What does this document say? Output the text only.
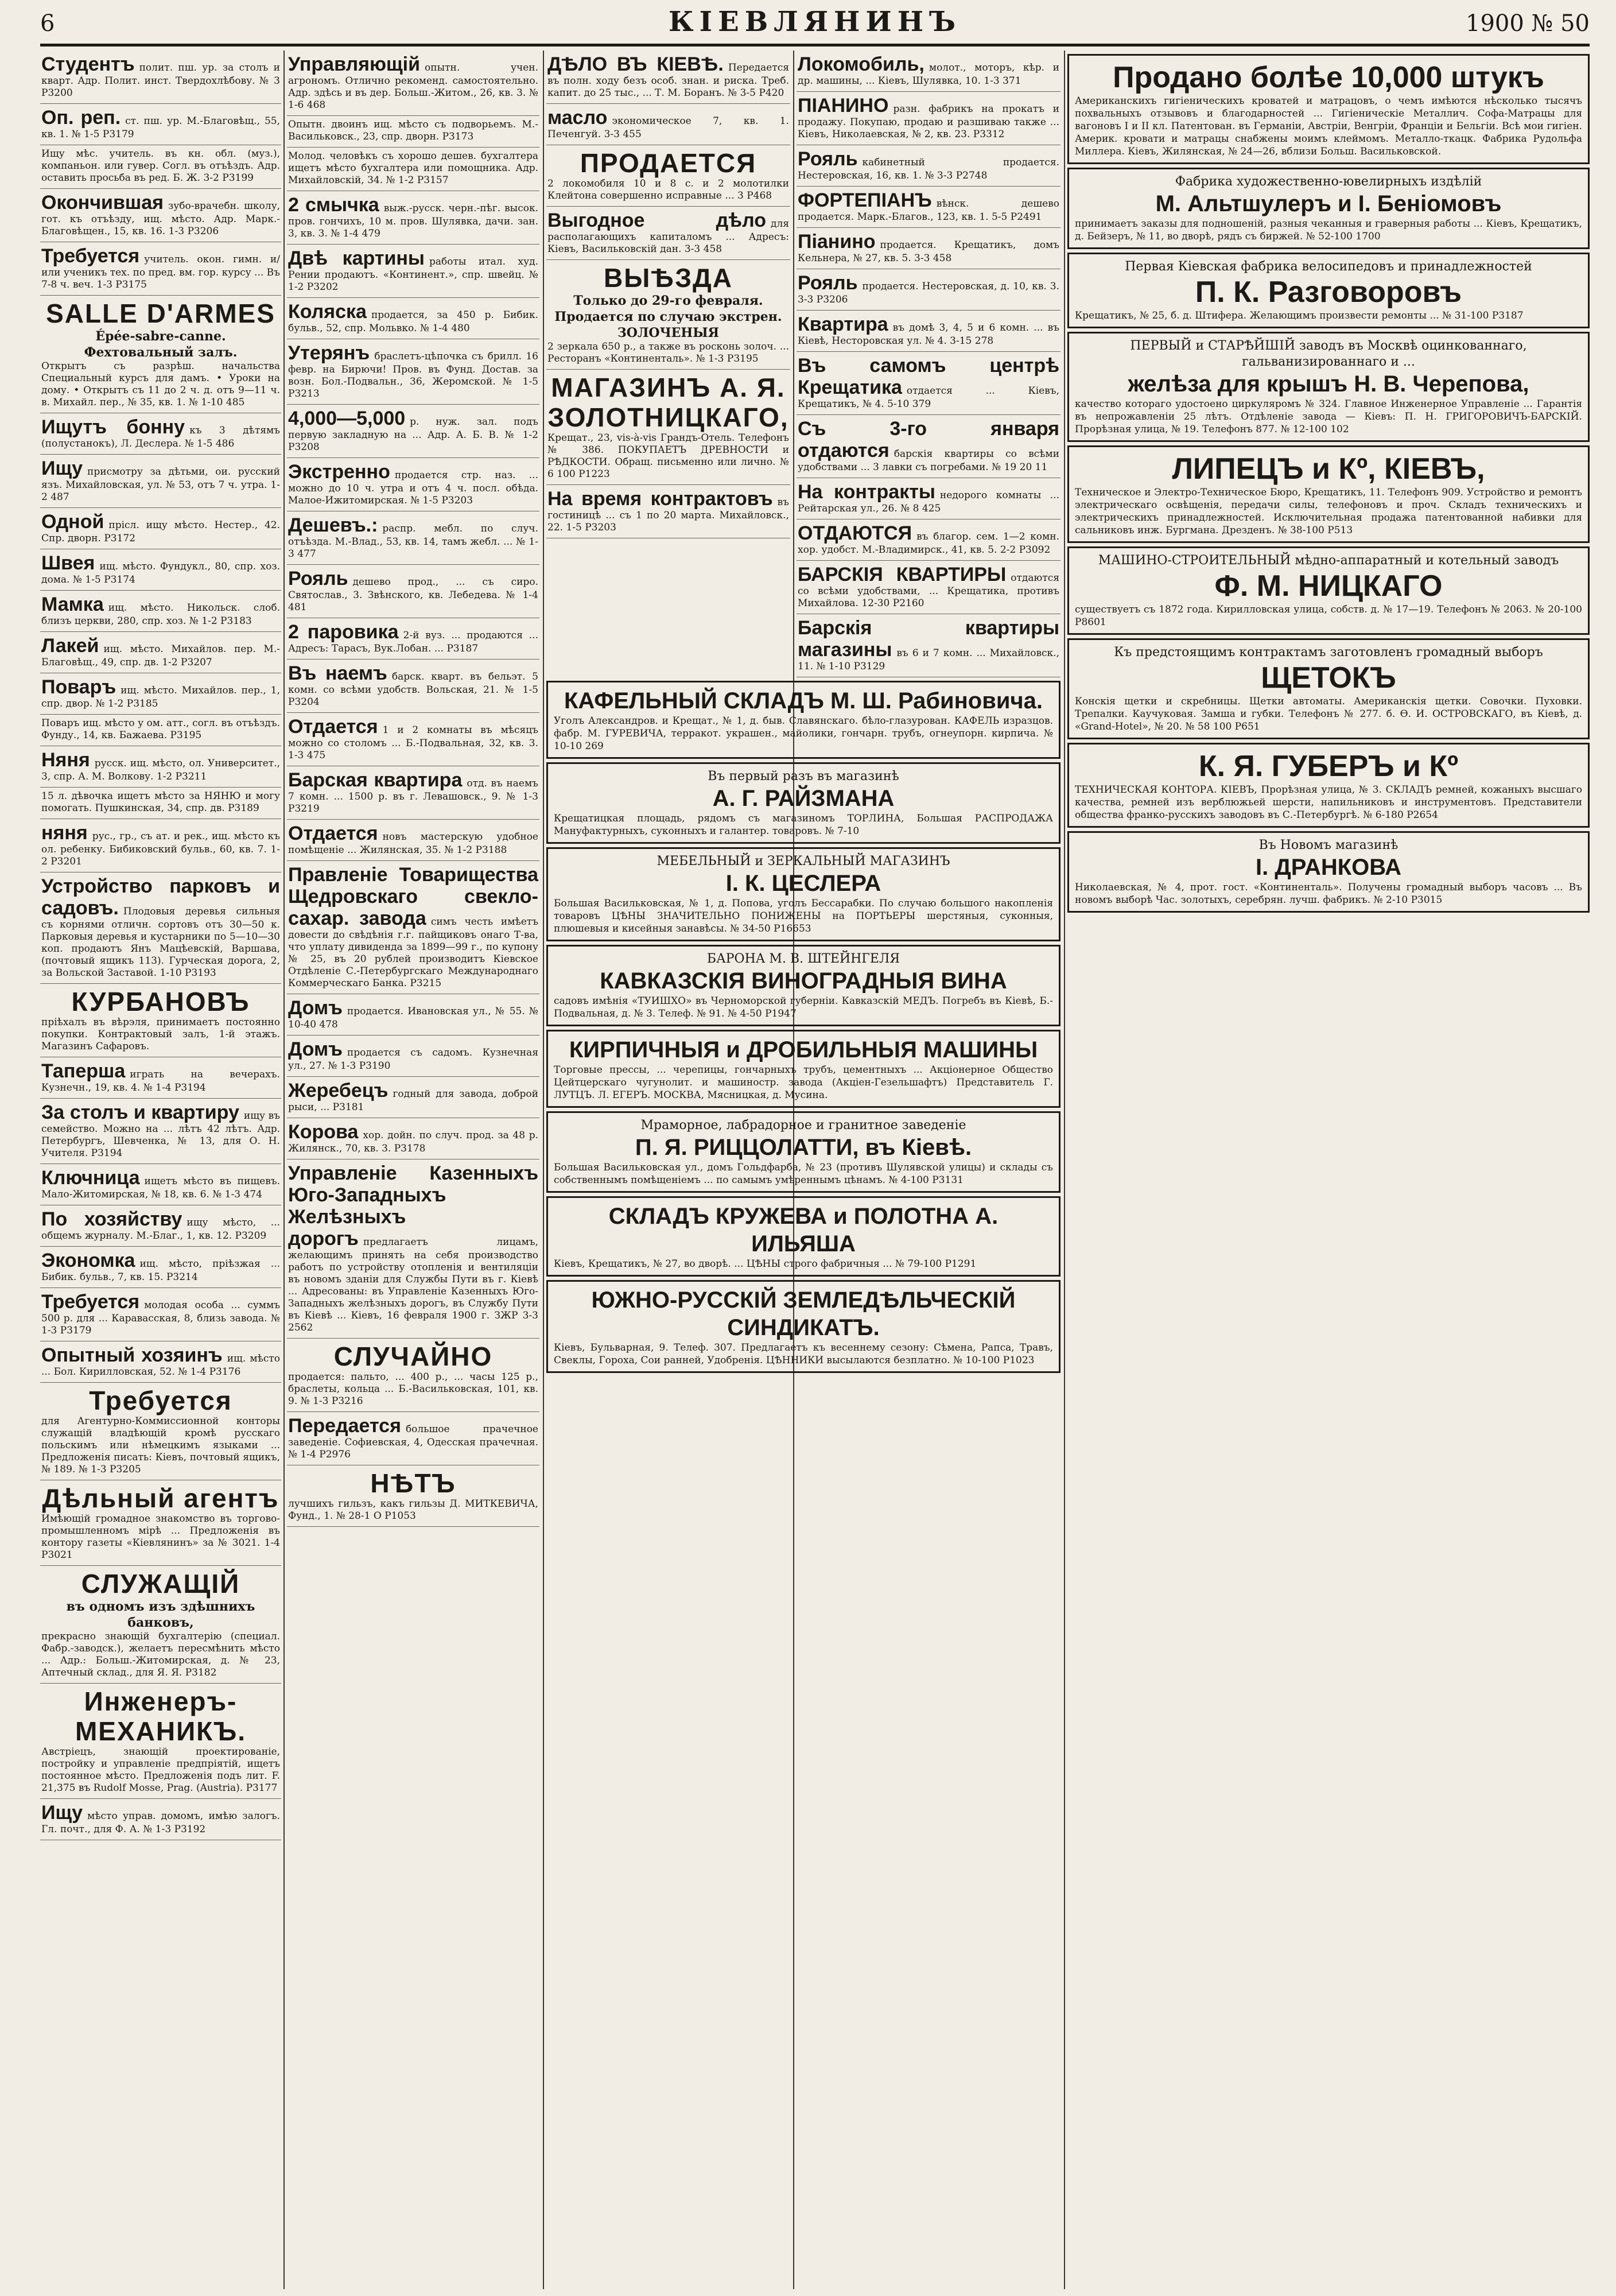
6	КІЕВЛЯНИНЪ	1900 № 50
Студентъ полит. пш. ур. за столъ и кварт. Адр. Полит. инст. Твердохлѣбову. № 3 Р3200
Оп. реп. ст. пш. ур. М.-Благовѣщ., 55, кв. 1. № 1-5 Р3179
Ищу мѣс. учитель. въ кн. обл. (муз.), компаньон. или гувер. Согл. въ отъѣздъ. Адр. оставить просьба въ ред. Б. Ж. 3-2 Р3199
Окончившая зубо-врачебн. школу, гот. къ отъѣзду, ищ. мѣсто. Адр. Марк.-Благовѣщен., 15, кв. 16. 1-3 Р3206
Требуется учитель. окон. гимн. и/или ученикъ тех. по пред. вм. гор. курсу ... Въ 7-8 ч. веч. 1-3 Р3175
SALLE D'ARMES
Épée-sabre-canne. Фехтовальный залъ.
Открытъ съ разрѣш. начальства Специальный курсъ для дамъ. • Уроки на дому. • Открытъ съ 11 до 2 ч. д. отъ 9—11 ч. в. Михайл. пер., № 35, кв. 1. № 1-10 485
Ищутъ бонну къ 3 дѣтямъ (полустанокъ), Л. Деслера. № 1-5 486
Ищу присмотру за дѣтьми, ои. русский язъ. Михайловская, ул. № 53, отъ 7 ч. утра. 1-2 487
Одной прісл. ищу мѣсто. Нестер., 42. Спр. дворн. Р3172
Швея ищ. мѣсто. Фундукл., 80, спр. хоз. дома. № 1-5 Р3174
Мамка ищ. мѣсто. Никольск. слоб. близъ церкви, 280, спр. хоз. № 1-2 Р3183
Лакей ищ. мѣсто. Михайлов. пер. М.-Благовѣщ., 49, спр. дв. 1-2 Р3207
Поваръ ищ. мѣсто. Михайлов. пер., 1, спр. двор. № 1-2 Р3185
Поваръ ищ. мѣсто у ом. атт., согл. въ отъѣздъ. Фунду., 14, кв. Бажаева. Р3195
Няня русск. ищ. мѣсто, ол. Университет., 3, спр. А. М. Волкову. 1-2 Р3211
15 л. дѣвочка ищетъ мѣсто за НЯНЮ и могу помогать. Пушкинская, 34, спр. дв. Р3189
няня рус., гр., съ ат. и рек., ищ. мѣсто къ ол. ребенку. Бибиковский бульв., 60, кв. 7. 1-2 Р3201
Устройство парковъ и садовъ. Плодовыя деревья сильныя съ корнями отличн. сортовъ отъ 30—50 к. Парковыя деревья и кустарники по 5—10—30 коп. продаютъ Янъ Мацѣевскій, Варшава, (почтовый ящикъ 113). Гурческая дорога, 2, за Вольской Заставой. 1-10 Р3193
КУРБАНОВЪ
пріѣхалъ въ вѣрэля, принимаетъ постоянно покупки. Контрактовый залъ, 1-й этажъ. Магазинъ Сафаровъ.
Таперша играть на вечерахъ. Кузнечн., 19, кв. 4. № 1-4 Р3194
За столъ и квартиру ищу въ семейство. Можно на ... лѣтъ 42 лѣтъ. Адр. Петербургъ, Шевченка, № 13, для О. Н. Учителя. Р3194
Ключница ищетъ мѣсто въ пищевъ. Мало-Житомирская, № 18, кв. 6. № 1-3 474
По хозяйству ищу мѣсто, ... общемъ журналу. М.-Благ., 1, кв. 12. Р3209
Экономка ищ. мѣсто, пріѣзжая ... Бибик. бульв., 7, кв. 15. Р3214
Требуется молодая особа ... суммъ 500 р. для ... Каравасская, 8, близь завода. № 1-3 Р3179
Опытный хозяинъ ищ. мѣсто ... Бол. Кирилловская, 52. № 1-4 Р3176
Требуется
для Агентурно-Коммиссионной конторы служащій владѣющій кромѣ русскаго польскимъ или нѣмецкимъ языками ... Предложенія писать: Кіевъ, почтовый ящикъ, № 189. № 1-3 Р3205
Дѣльный агентъ
Имѣющій громадное знакомство въ торгово-промышленномъ мірѣ ... Предложенія въ контору газеты «Кіевлянинъ» за № 3021. 1-4 Р3021
СЛУЖАЩІЙ
въ одномъ изъ здѣшнихъ банковъ,
прекрасно знающій бухгалтерію (специал. Фабр.-заводск.), желаетъ пересмѣнить мѣсто ... Адр.: Больш.-Житомирская, д. № 23, Аптечный склад., для Я. Я. Р3182
Инженеръ-МЕХАНИКЪ.
Австріецъ, знающій проектированіе, постройку и управленіе предпріятій, ищетъ постоянное мѣсто. Предложенія подъ лит. F. 21,375 въ Rudolf Mosse, Prag. (Austria). Р3177
Ищу мѣсто управ. домомъ, имѣю залогъ. Гл. почт., для Ф. А. № 1-3 Р3192
Управляющій опытн. учен. агрономъ. Отлично рекоменд. самостоятельно. Адр. здѣсь и въ дер. Больш.-Житом., 26, кв. 3. № 1-6 468
Опытн. двоинъ ищ. мѣсто съ подворьемъ. М.-Васильковск., 23, спр. дворн. Р3173
Молод. человѣкъ съ хорошо дешев. бухгалтера ищетъ мѣсто бухгалтера или помощника. Адр. Михайловскій, 34. № 1-2 Р3157
2 смычка выж.-русск. черн.-пѣг. высок. пров. гончихъ, 10 м. пров. Шулявка, дачи. зан. 3, кв. 3. № 1-4 479
Двѣ картины работы итал. худ. Рении продаютъ. «Континент.», спр. швейц. № 1-2 Р3202
Коляска продается, за 450 р. Бибик. бульв., 52, спр. Мольвко. № 1-4 480
Утерянъ браслетъ-цѣпочка съ брилл. 16 февр. на Бирючи! Пров. въ Фунд. Достав. за возн. Бол.-Подвальн., 36, Жеромской. № 1-5 Р3213
4,000—5,000 р. нуж. зал. подъ первую закладную на ... Адр. А. Б. В. № 1-2 Р3208
Экстренно продается стр. наз. ... можно до 10 ч. утра и отъ 4 ч. посл. обѣда. Малое-Ижитомирская. № 1-5 Р3203
Дешевъ.: распр. мебл. по случ. отъѣзда. М.-Влад., 53, кв. 14, тамъ жебл. ... № 1-3 477
Рояль дешево прод., ... съ сиро. Святослав., 3. Звѣнского, кв. Лебедева. № 1-4 481
2 паровика 2-й вуз. ... продаются ... Адресъ: Тарасъ, Вук.Лобан. ... Р3187
Въ наемъ барск. кварт. въ бельэт. 5 комн. со всѣми удобств. Вольская, 21. № 1-5 Р3204
Отдается 1 и 2 комнаты въ мѣсяцъ можно со столомъ ... Б.-Подвальная, 32, кв. 3. 1-3 475
Барская квартира отд. въ наемъ 7 комн. ... 1500 р. въ г. Левашовск., 9. № 1-3 Р3219
Отдается новъ мастерскую удобное помѣщеніе ... Жилянская, 35. № 1-2 Р3188
Правленіе Товарищества Щедровскаго свекло-сахар. завода симъ честь имѣетъ довести до свѣдѣнія г.г. пайщиковъ онаго Т-ва, что уплату дивиденда за 1899—99 г., по купону № 25, въ 20 рублей производитъ Кіевское Отдѣленіе С.-Петербургскаго Международнаго Коммерческаго Банка. Р3215
Домъ продается. Ивановская ул., № 55. № 10-40 478
Домъ продается съ садомъ. Кузнечная ул., 27. № 1-3 Р3190
Жеребецъ годный для завода, доброй рыси, ... Р3181
Корова хор. дойн. по случ. прод. за 48 р. Жилянск., 70, кв. 3. Р3178
Управленіе Казенныхъ Юго-Западныхъ Желѣзныхъ дорогъ предлагаетъ лицамъ, желающимъ принять на себя производство работъ по устройству отопленія и вентиляціи въ новомъ зданіи для Службы Пути въ г. Кіевѣ ... Адресованы: въ Управленіе Казенныхъ Юго-Западныхъ желѣзныхъ дорогъ, въ Службу Пути въ Кіевѣ ... Кіевъ, 16 февраля 1900 г. ЗЖР 3-3 2562
СЛУЧАЙНО
продается: пальто, ... 400 р., ... часы 125 р., браслеты, кольца ... Б.-Васильковская, 101, кв. 9. № 1-3 Р3216
Передается большое прачечное заведеніе. Софиевская, 4, Одесская прачечная. № 1-4 Р2976
НѢТЪ
лучшихъ гильзъ, какъ гильзы Д. МИТКЕВИЧА, Фунд., 1. № 28-1 О Р1053
ДѢЛО ВЪ КІЕВѢ. Передается въ полн. ходу безъ особ. знан. и риска. Треб. капит. до 25 тыс., ... Т. М. Боранъ. № 3-5 Р420
масло экономическое 7, кв. 1. Печенгуй. 3-3 455
ПРОДАЕТСЯ
2 локомобиля 10 и 8 с. и 2 молотилки Клейтона совершенно исправные ... 3 Р468
Выгодное дѣло для располагающихъ капиталомъ ... Адресъ: Кіевъ, Васильковскій дан. 3-3 458
ВЫѢЗДА
Только до 29-го февраля. Продается по случаю экстрен. ЗОЛОЧЕНЫЯ
2 зеркала 650 р., а также въ росконь золоч. ... Ресторанъ «Континенталь». № 1-3 Р3195
МАГАЗИНЪ А. Я. ЗОЛОТНИЦКАГО,
Крещат., 23, vis-à-vis Грандъ-Отель. Телефонъ № 386. ПОКУПАЕТЪ ДРЕВНОСТИ и РѢДКОСТИ. Обращ. письменно или лично. № 6 100 Р1223
На время контрактовъ въ гостиницѣ ... съ 1 по 20 марта. Михайловск., 22. 1-5 Р3203
Локомобиль, молот., моторъ, кѣр. и др. машины, ... Кіевъ, Шулявка, 10. 1-3 371
ПІАНИНО разн. фабрикъ на прокатъ и продажу. Покупаю, продаю и разшиваю также ... Кіевъ, Николаевская, № 2, кв. 23. Р3312
Рояль кабинетный продается. Нестеровская, 16, кв. 1. № 3-3 Р2748
ФОРТЕПІАНЪ вѣнск. дешево продается. Марк.-Благов., 123, кв. 1. 5-5 Р2491
Піанино продается. Крещатикъ, домъ Кельнера, № 27, кв. 5. 3-3 458
Рояль продается. Нестеровская, д. 10, кв. 3. 3-3 Р3206
Квартира въ домѣ 3, 4, 5 и 6 комн. ... въ Кіевѣ, Несторовская ул. № 4. 3-15 278
Въ самомъ центрѣ Крещатика отдается ... Кіевъ, Крещатикъ, № 4. 5-10 379
Съ 3-го января отдаются барскія квартиры со всѣми удобствами ... 3 лавки съ погребами. № 19 20 11
На контракты недорого комнаты ... Рейтарская ул., 26. № 8 425
ОТДАЮТСЯ въ благор. сем. 1—2 комн. хор. удобст. М.-Владимирск., 41, кв. 5. 2-2 Р3092
БАРСКІЯ КВАРТИРЫ отдаются со всѣми удобствами, ... Крещатика, противъ Михайлова. 12-30 Р2160
Барскія квартиры магазины въ 6 и 7 комн. ... Михайловск., 11. № 1-10 Р3129
КАФЕЛЬНЫЙ СКЛАДЪ М. Ш. Рабиновича.
Уголъ Александров. и Крещат., № 1, д. быв. Славянскаго. бѣло-глазурован. КАФЕЛЬ изразцов. фабр. М. ГУРЕВИЧА, терракот. украшен., майолики, гончарн. трубъ, огнеупорн. кирпича. № 10-10 269
Въ первый разъ въ магазинѣ
А. Г. РАЙЗМАНА
Крещатицкая площадь, рядомъ съ магазиномъ ТОРЛИНА, Большая РАСПРОДАЖА Мануфактурныхъ, суконныхъ и галантер. товаровъ. № 7-10
МЕБЕЛЬНЫЙ и ЗЕРКАЛЬНЫЙ МАГАЗИНЪ
І. К. ЦЕСЛЕРА
Большая Васильковская, № 1, д. Попова, уголъ Бессарабки. По случаю большого накопленія товаровъ ЦѢНЫ ЗНАЧИТЕЛЬНО ПОНИЖЕНЫ на ПОРТЬЕРЫ шерстяныя, суконныя, плюшевыя и кисейныя занавѣсы. № 34-50 Р16653
БАРОНА М. В. ШТЕЙНГЕЛЯ
КАВКАЗСКІЯ ВИНОГРАДНЫЯ ВИНА
садовъ имѣнія «ТУИШХО» въ Черноморской губерніи. Кавказскій МЕДЪ. Погребъ въ Кіевѣ, Б.-Подвальная, д. № 3. Телеф. № 91. № 4-50 Р1947
КИРПИЧНЫЯ и ДРОБИЛЬНЫЯ МАШИНЫ
Торговые прессы, ... черепицы, гончарныхъ трубъ, цементныхъ ... Акціонерное Общество Цейтцерскаго чугунолит. и машиностр. завода (Акціен-Гезельшафтъ) Представитель Г. ЛУТЦЪ. Л. ЕГЕРЪ. МОСКВА, Мясницкая, д. Мусина.
Мраморное, лабрадорное и гранитное заведеніе
П. Я. РИЦЦОЛАТТИ, въ Кіевѣ.
Большая Васильковская ул., домъ Гольдфарба, № 23 (противъ Шулявской улицы) и склады съ собственнымъ помѣщеніемъ ... по самымъ умѣреннымъ цѣнамъ. № 4-100 Р3131
СКЛАДЪ КРУЖЕВА и ПОЛОТНА А. ИЛЬЯША
Кіевъ, Крещатикъ, № 27, во дворѣ. ... ЦѢНЫ строго фабричныя ... № 79-100 Р1291
ЮЖНО-РУССКІЙ ЗЕМЛЕДѢЛЬЧЕСКІЙ СИНДИКАТЪ.
Кіевъ, Бульварная, 9. Телеф. 307. Предлагаетъ къ весеннему сезону: Сѣмена, Рапса, Травъ, Свеклы, Гороха, Сои ранней, Удобренія. ЦѢННИКИ высылаются безплатно. № 10-100 Р1023
Продано болѣе 10,000 штукъ
Американскихъ гигіеническихъ кроватей и матрацовъ, о чемъ имѣются нѣсколько тысячъ похвальныхъ отзывовъ и благодарностей ... Гигіеническіе Металлич. Софа-Матрацы для вагоновъ I и II кл. Патентован. въ Германіи, Австріи, Венгріи, Франціи и Бельгіи. Всѣ мои гигіен. Америк. кровати и матрацы снабжены моимъ клеймомъ. Металло-ткацк. Фабрика Рудольфа Миллера. Кіевъ, Жилянская, № 24—26, вблизи Больш. Васильковской.
Фабрика художественно-ювелирныхъ издѣлій
М. Альтшулеръ и І. Беніомовъ
принимаетъ заказы для подношеній, разныя чеканныя и граверныя работы ... Кіевъ, Крещатикъ, д. Бейзеръ, № 11, во дворѣ, рядъ съ биржей. № 52-100 1700
Первая Кіевская фабрика велосипедовъ и принадлежностей
П. К. Разговоровъ
Крещатикъ, № 25, б. д. Штифера. Желающимъ произвести ремонты ... № 31-100 Р3187
ПЕРВЫЙ и СТАРѢЙШІЙ заводъ въ Москвѣ оцинкованнаго, гальванизированнаго и ...
желѣза для крышъ Н. В. Черепова,
качество котораго удостоено циркуляромъ № 324. Главное Инженерное Управленіе ... Гарантія въ непрожавленіи 25 лѣтъ. Отдѣленіе завода — Кіевъ: П. Н. ГРИГОРОВИЧЪ-БАРСКІЙ. Прорѣзная улица, № 19. Телефонъ 877. № 12-100 102
ЛИПЕЦЪ и Кº, КІЕВЪ,
Техническое и Электро-Техническое Бюро, Крещатикъ, 11. Телефонъ 909. Устройство и ремонтъ электрическаго освѣщенія, передачи силы, телефоновъ и проч. Складъ техническихъ и электрическихъ принадлежностей. Исключительная продажа патентованной набивки для сальниковъ инж. Бургмана. Дрезденъ. № 38-100 Р513
МАШИНО-СТРОИТЕЛЬНЫЙ мѣдно-аппаратный и котельный заводъ
Ф. М. НИЦКАГО
существуетъ съ 1872 года. Кирилловская улица, собств. д. № 17—19. Телефонъ № 2063. № 20-100 Р8601
Къ предстоящимъ контрактамъ заготовленъ громадный выборъ
ЩЕТОКЪ
Конскія щетки и скребницы. Щетки автоматы. Американскія щетки. Совочки. Пуховки. Трепалки. Каучуковая. Замша и губки. Телефонъ № 277. б. Ѳ. И. ОСТРОВСКАГО, въ Кіевѣ, д. «Grand-Hotel», № 20. № 58 100 Р651
К. Я. ГУБЕРЪ и Кº
ТЕХНИЧЕСКАЯ КОНТОРА. КІЕВЪ, Прорѣзная улица, № 3. СКЛАДЪ ремней, кожаныхъ высшаго качества, ремней изъ верблюжьей шерсти, напильниковъ и инструментовъ. Представители общества франко-русскихъ заводовъ въ С.-Петербургѣ. № 6-180 Р2654
Въ Новомъ магазинѣ
І. ДРАНКОВА
Николаевская, № 4, прот. гост. «Континенталь». Получены громадный выборъ часовъ ... Въ новомъ выборѣ Час. золотыхъ, серебрян. лучш. фабрикъ. № 2-10 Р3015
